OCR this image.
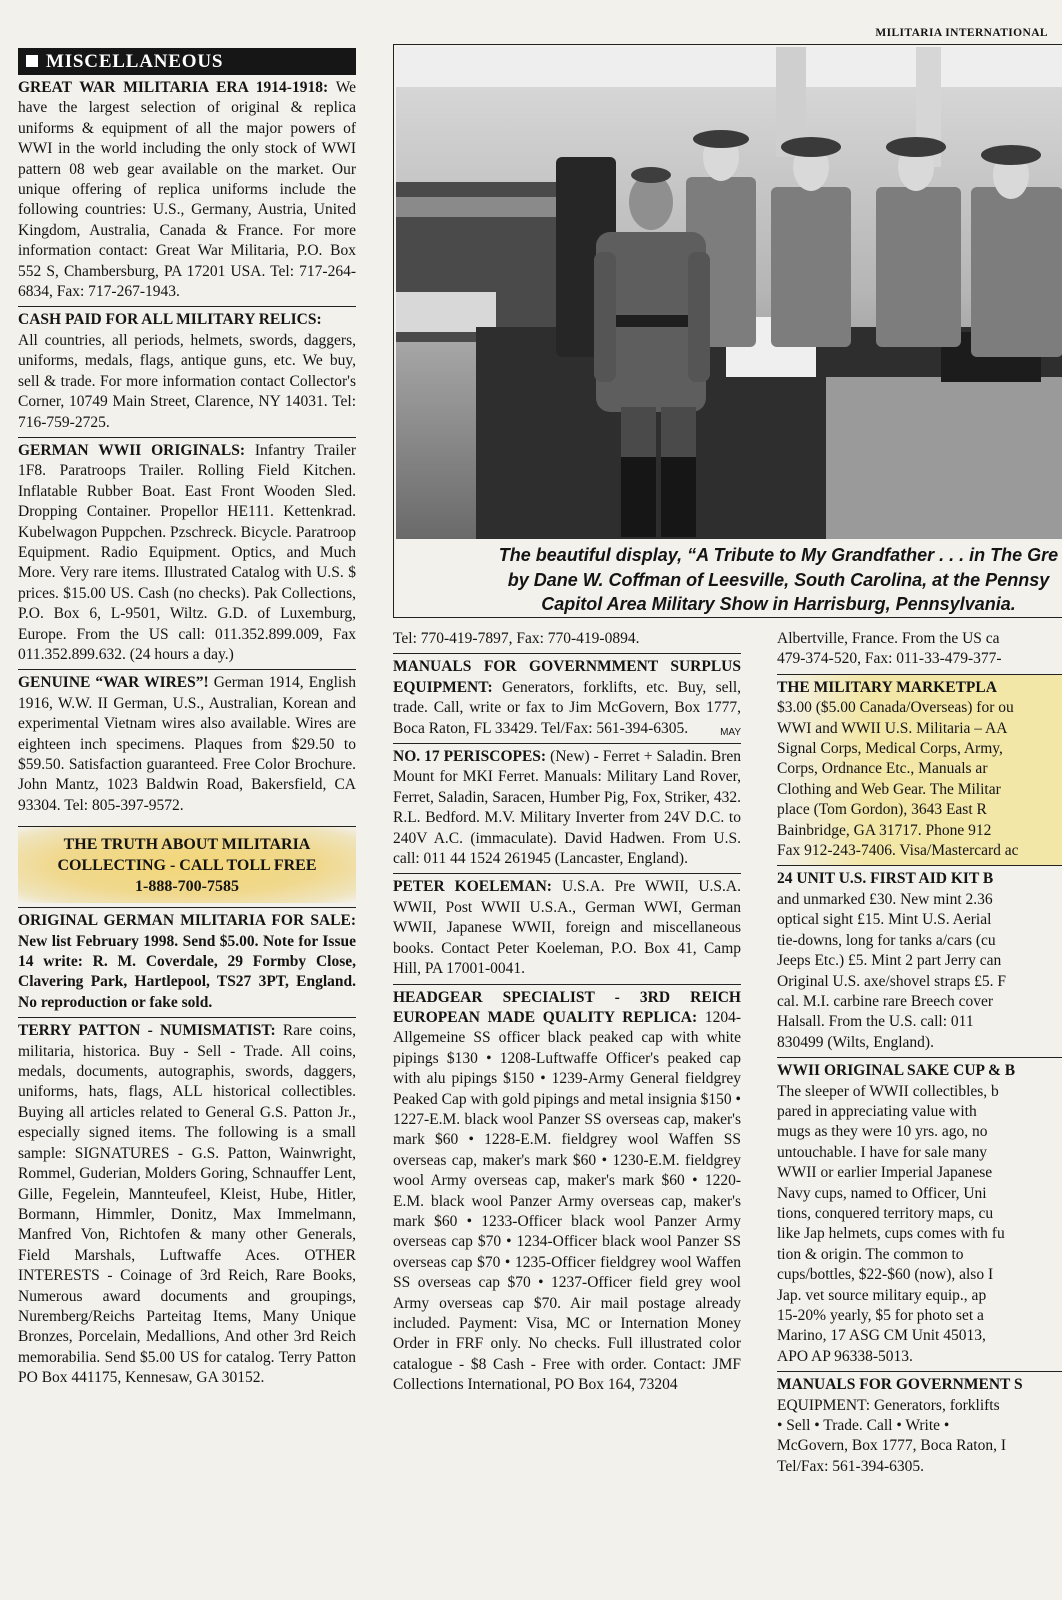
MILITARIA INTERNATIONAL
MISCELLANEOUS
GREAT WAR MILITARIA ERA 1914-1918: We have the largest selection of original & replica uniforms & equipment of all the major powers of WWI in the world including the only stock of WWI pattern 08 web gear available on the market. Our unique offering of replica uniforms include the following countries: U.S., Germany, Austria, United Kingdom, Australia, Canada & France. For more information contact: Great War Militaria, P.O. Box 552 S, Chambersburg, PA 17201 USA. Tel: 717-264-6834, Fax: 717-267-1943.
CASH PAID FOR ALL MILITARY RELICS:
All countries, all periods, helmets, swords, daggers, uniforms, medals, flags, antique guns, etc. We buy, sell & trade. For more information contact Collector's Corner, 10749 Main Street, Clarence, NY 14031. Tel: 716-759-2725.
GERMAN WWII ORIGINALS: Infantry Trailer 1F8. Paratroops Trailer. Rolling Field Kitchen. Inflatable Rubber Boat. East Front Wooden Sled. Dropping Container. Propellor HE111. Kettenkrad. Kubelwagon Puppchen. Pzschreck. Bicycle. Paratroop Equipment. Radio Equipment. Optics, and Much More. Very rare items. Illustrated Catalog with U.S. $ prices. $15.00 US. Cash (no checks). Pak Collections, P.O. Box 6, L-9501, Wiltz. G.D. of Luxemburg, Europe. From the US call: 011.352.899.009, Fax 011.352.899.632. (24 hours a day.)
GENUINE “WAR WIRES”! German 1914, English 1916, W.W. II German, U.S., Australian, Korean and experimental Vietnam wires also available. Wires are eighteen inch specimens. Plaques from $29.50 to $59.50. Satisfaction guaranteed. Free Color Brochure. John Mantz, 1023 Baldwin Road, Bakersfield, CA 93304. Tel: 805-397-9572.
THE TRUTH ABOUT MILITARIA
COLLECTING - CALL TOLL FREE
1-888-700-7585
ORIGINAL GERMAN MILITARIA FOR SALE: New list February 1998. Send $5.00. Note for Issue 14 write: R. M. Coverdale, 29 Formby Close, Clavering Park, Hartlepool, TS27 3PT, England. No reproduction or fake sold.
TERRY PATTON - NUMISMATIST: Rare coins, militaria, historica. Buy - Sell - Trade. All coins, medals, documents, autographis, swords, daggers, uniforms, hats, flags, ALL historical collectibles. Buying all articles related to General G.S. Patton Jr., especially signed items. The following is a small sample: SIGNATURES - G.S. Patton, Wainwright, Rommel, Guderian, Molders Goring, Schnauffer Lent, Gille, Fegelein, Mannteufeel, Kleist, Hube, Hitler, Bormann, Himmler, Donitz, Max Immelmann, Manfred Von, Richtofen & many other Generals, Field Marshals, Luftwaffe Aces. OTHER INTERESTS - Coinage of 3rd Reich, Rare Books, Numerous award documents and groupings, Nuremberg/Reichs Parteitag Items, Many Unique Bronzes, Porcelain, Medallions, And other 3rd Reich memorabilia. Send $5.00 US for catalog. Terry Patton PO Box 441175, Kennesaw, GA 30152.
The beautiful display, “A Tribute to My Grandfather . . . in The Gre
by Dane W. Coffman of Leesville, South Carolina, at the Pennsy
Capitol Area Military Show in Harrisburg, Pennsylvania.
Tel: 770-419-7897, Fax: 770-419-0894.
MANUALS FOR GOVERNMMENT SURPLUS EQUIPMENT: Generators, forklifts, etc. Buy, sell, trade. Call, write or fax to Jim McGovern, Box 1777, Boca Raton, FL 33429. Tel/Fax: 561-394-6305.	MAY
NO. 17 PERISCOPES: (New) - Ferret + Saladin. Bren Mount for MKI Ferret. Manuals: Military Land Rover, Ferret, Saladin, Saracen, Humber Pig, Fox, Striker, 432. R.L. Bedford. M.V. Military Inverter from 24V D.C. to 240V A.C. (immaculate). David Hadwen. From U.S. call: 011 44 1524 261945 (Lancaster, England).
PETER KOELEMAN: U.S.A. Pre WWII, U.S.A. WWII, Post WWII U.S.A., German WWI, German WWII, Japanese WWII, foreign and miscellaneous books. Contact Peter Koeleman, P.O. Box 41, Camp Hill, PA 17001-0041.
HEADGEAR SPECIALIST - 3RD REICH EUROPEAN MADE QUALITY REPLICA: 1204-Allgemeine SS officer black peaked cap with white pipings $130 • 1208-Luftwaffe Officer's peaked cap with alu pipings $150 • 1239-Army General fieldgrey Peaked Cap with gold pipings and metal insignia $150 • 1227-E.M. black wool Panzer SS overseas cap, maker's mark $60 • 1228-E.M. fieldgrey wool Waffen SS overseas cap, maker's mark $60 • 1230-E.M. fieldgrey wool Army overseas cap, maker's mark $60 • 1220-E.M. black wool Panzer Army overseas cap, maker's mark $60 • 1233-Officer black wool Panzer Army overseas cap $70 • 1234-Officer black wool Panzer SS overseas cap $70 • 1235-Officer fieldgrey wool Waffen SS overseas cap $70 • 1237-Officer field grey wool Army overseas cap $70. Air mail postage already included. Payment: Visa, MC or Internation Money Order in FRF only. No checks. Full illustrated color catalogue - $8 Cash - Free with order. Contact: JMF Collections International, PO Box 164, 73204
Albertville, France. From the US ca
479-374-520, Fax: 011-33-479-377-
THE MILITARY MARKETPLA
$3.00 ($5.00 Canada/Overseas) for ou
WWI and WWII U.S. Militaria – AA
Signal Corps, Medical Corps, Army,
Corps, Ordnance Etc., Manuals ar
Clothing and Web Gear. The Militar
place (Tom Gordon), 3643 East R
Bainbridge, GA 31717. Phone 912
Fax 912-243-7406. Visa/Mastercard ac
24 UNIT U.S. FIRST AID KIT B
and unmarked £30. New mint 2.36
optical sight £15. Mint U.S. Aerial
tie-downs, long for tanks a/cars (cu
Jeeps Etc.) £5. Mint 2 part Jerry can
Original U.S. axe/shovel straps £5. F
cal. M.I. carbine rare Breech cover
Halsall. From the U.S. call: 011
830499 (Wilts, England).
WWII ORIGINAL SAKE CUP & B
The sleeper of WWII collectibles, b
pared in appreciating value with
mugs as they were 10 yrs. ago, no
untouchable. I have for sale many
WWII or earlier Imperial Japanese
Navy cups, named to Officer, Uni
tions, conquered territory maps, cu
like Jap helmets, cups comes with fu
tion & origin. The common to
cups/bottles, $22-$60 (now), also I
Jap. vet source military equip., ap
15-20% yearly, $5 for photo set a
Marino, 17 ASG CM Unit 45013,
APO AP 96338-5013.
MANUALS FOR GOVERNMENT S
EQUIPMENT: Generators, forklifts
• Sell • Trade. Call • Write •
McGovern, Box 1777, Boca Raton, I
Tel/Fax: 561-394-6305.
